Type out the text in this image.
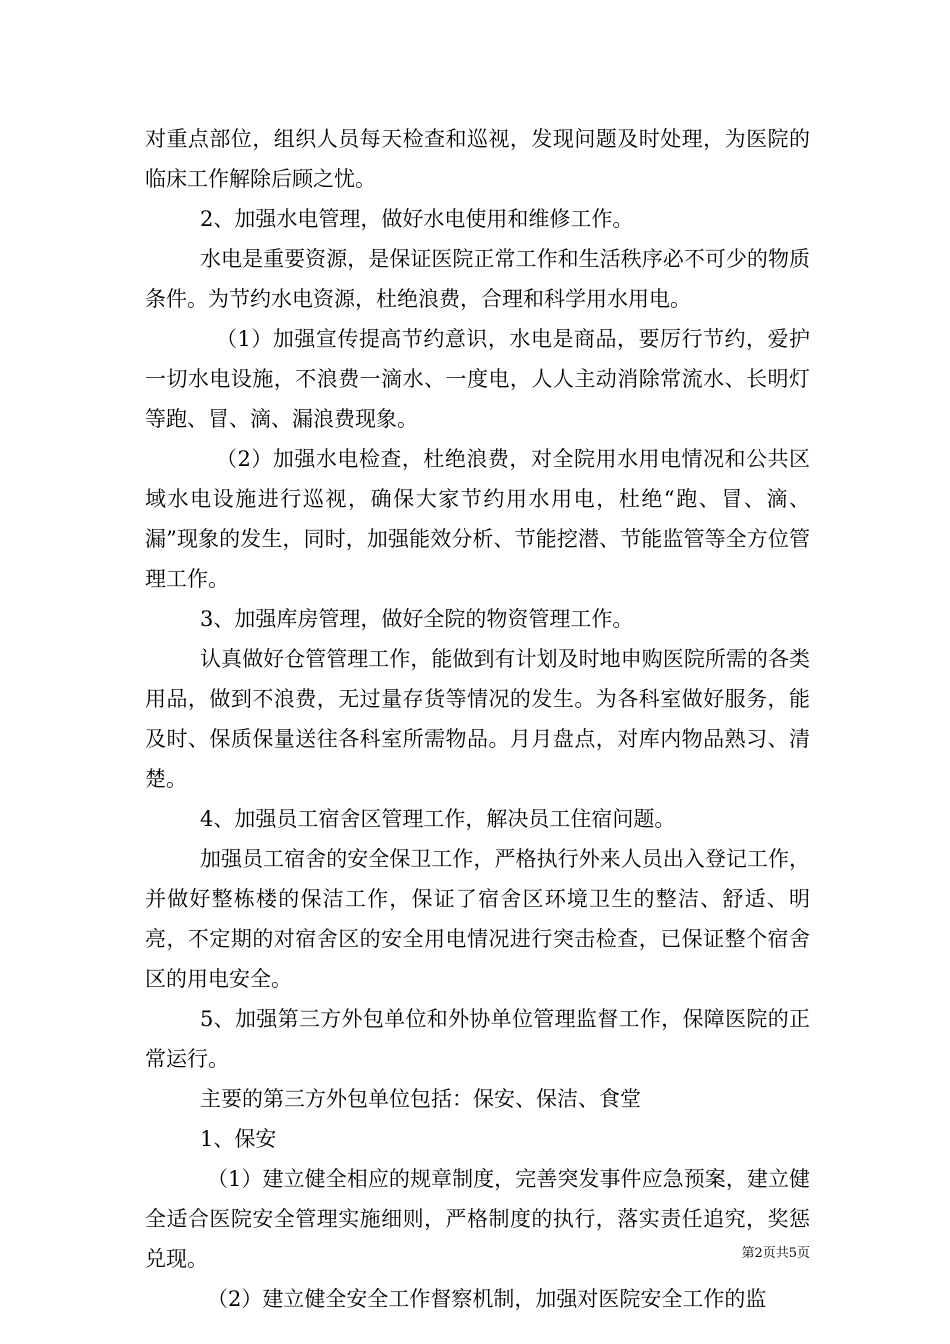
对重点部位，组织人员每天检查和巡视，发现问题及时处理，为医院的临床工作解除后顾之忧。

2、加强水电管理，做好水电使用和维修工作。

水电是重要资源，是保证医院正常工作和生活秩序必不可少的物质条件。为节约水电资源，杜绝浪费，合理和科学用水用电。

（1）加强宣传提高节约意识，水电是商品，要厉行节约，爱护一切水电设施，不浪费一滴水、一度电，人人主动消除常流水、长明灯等跑、冒、滴、漏浪费现象。

（2）加强水电检查，杜绝浪费，对全院用水用电情况和公共区域水电设施进行巡视，确保大家节约用水用电，杜绝“跑、冒、滴、漏”现象的发生，同时，加强能效分析、节能挖潜、节能监管等全方位管理工作。

3、加强库房管理，做好全院的物资管理工作。

认真做好仓管管理工作，能做到有计划及时地申购医院所需的各类用品，做到不浪费，无过量存货等情况的发生。为各科室做好服务，能及时、保质保量送往各科室所需物品。月月盘点，对库内物品熟习、清楚。

4、加强员工宿舍区管理工作，解决员工住宿问题。

加强员工宿舍的安全保卫工作，严格执行外来人员出入登记工作，并做好整栋楼的保洁工作，保证了宿舍区环境卫生的整洁、舒适、明亮，不定期的对宿舍区的安全用电情况进行突击检查，已保证整个宿舍区的用电安全。

5、加强第三方外包单位和外协单位管理监督工作，保障医院的正常运行。

主要的第三方外包单位包括：保安、保洁、食堂

1、保安

（1）建立健全相应的规章制度，完善突发事件应急预案，建立健全适合医院安全管理实施细则，严格制度的执行，落实责任追究，奖惩兑现。

（2）建立健全安全工作督察机制，加强对医院安全工作的监

第2页共5页
